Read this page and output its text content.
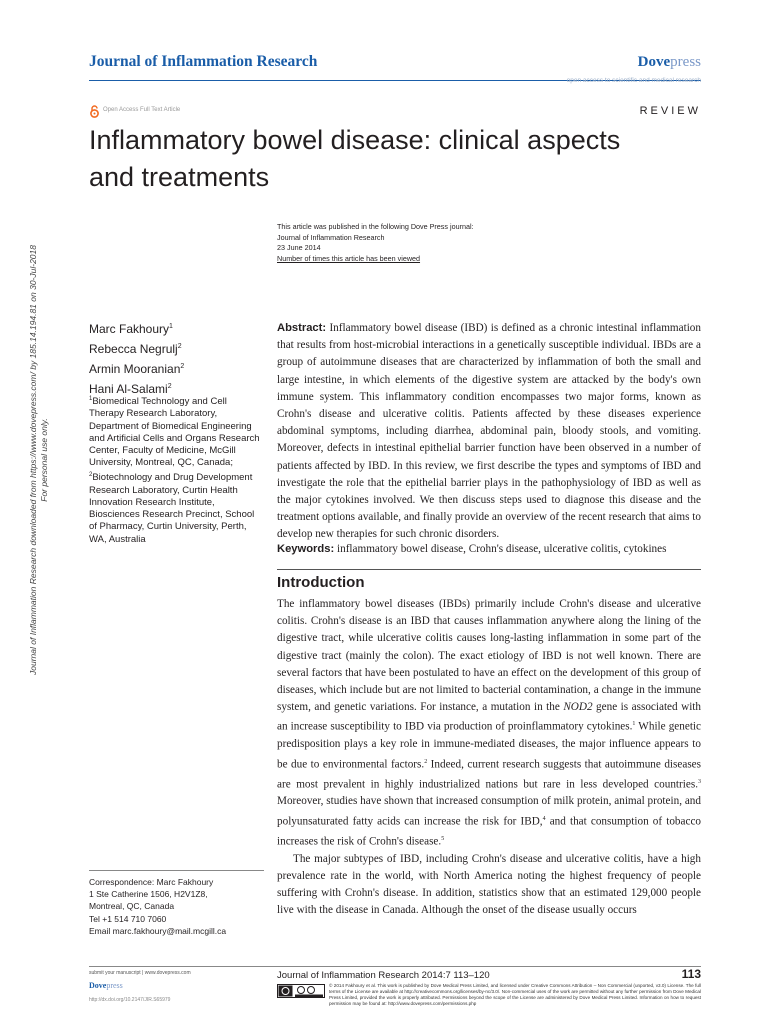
Journal of Inflammation Research	Dovepress
open access to scientific and medical research
REVIEW
Open Access Full Text Article
Inflammatory bowel disease: clinical aspects
and treatments
Journal of Inflammation Research downloaded from https://www.dovepress.com/ by 185.14.194.81 on 30-Jul-2018 For personal use only.
This article was published in the following Dove Press journal:
Journal of Inflammation Research
23 June 2014
Number of times this article has been viewed
Marc Fakhoury$^1$
Rebecca Negrulj$^2$
Armin Mooranian$^2$
Hani Al-Salami$^2$
$^1$Biomedical Technology and Cell Therapy Research Laboratory, Department of Biomedical Engineering and Artificial Cells and Organs Research Center, Faculty of Medicine, McGill University, Montreal, QC, Canada; $^2$Biotechnology and Drug Development Research Laboratory, Curtin Health Innovation Research Institute, Biosciences Research Precinct, School of Pharmacy, Curtin University, Perth, WA, Australia
Abstract: Inflammatory bowel disease (IBD) is defined as a chronic intestinal inflammation that results from host-microbial interactions in a genetically susceptible individual. IBDs are a group of autoimmune diseases that are characterized by inflammation of both the small and large intestine, in which elements of the digestive system are attacked by the body's own immune system. This inflammatory condition encompasses two major forms, known as Crohn's disease and ulcerative colitis. Patients affected by these diseases experience abdominal symptoms, including diarrhea, abdominal pain, bloody stools, and vomiting. Moreover, defects in intestinal epithelial barrier function have been observed in a number of patients affected by IBD. In this review, we first describe the types and symptoms of IBD and investigate the role that the epithelial barrier plays in the pathophysiology of IBD as well as the major cytokines involved. We then discuss steps used to diagnose this disease and the treatment options available, and finally provide an overview of the recent research that aims to develop new therapies for such chronic disorders.
Keywords: inflammatory bowel disease, Crohn's disease, ulcerative colitis, cytokines
Introduction

The inflammatory bowel diseases (IBDs) primarily include Crohn's disease and ulcerative colitis. Crohn's disease is an IBD that causes inflammation anywhere along the lining of the digestive tract, while ulcerative colitis causes long-lasting inflammation in some part of the digestive tract (mainly the colon). The exact etiology of IBD is not well known. There are several factors that have been postulated to have an effect on the development of this group of diseases, which include but are not limited to bacterial contamination, a change in the immune system, and genetic variations. For instance, a mutation in the NOD2 gene is associated with an increase susceptibility to IBD via production of proinflammatory cytokines.$^1$ While genetic predisposition plays a key role in immune-mediated diseases, the major influence appears to be due to environmental factors.$^2$ Indeed, current research suggests that autoimmune diseases are most prevalent in highly industrialized nations but rare in less developed countries.$^3$ Moreover, studies have shown that increased consumption of milk protein, animal protein, and polyunsaturated fatty acids can increase the risk for IBD,$^4$ and that consumption of tobacco increases the risk of Crohn's disease.$^5$

The major subtypes of IBD, including Crohn's disease and ulcerative colitis, have a high prevalence rate in the world, with North America noting the highest frequency of people suffering with Crohn's disease. In addition, statistics show that an estimated 129,000 people live with the disease in Canada. Although the onset of the disease usually occurs

Correspondence: Marc Fakhoury
1 Ste Catherine 1506, H2V1Z8,
Montreal, QC, Canada
Tel +1 514 710 7060
Email marc.fakhoury@mail.mcgill.ca
submit your manuscript | www.dovepress.com
Dovepress
http://dx.doi.org/10.2147/JIR.S65979
Journal of Inflammation Research 2014:7 113–120	113
© 2014 Fakhoury et al. This work is published by Dove Medical Press Limited, and licensed under Creative Commons Attribution – Non Commercial (unported, v3.0) License. The full terms of the License are available at http://creativecommons.org/licenses/by-nc/3.0/. Non-commercial uses of the work are permitted without any further permission from Dove Medical Press Limited, provided the work is properly attributed. Permissions beyond the scope of the License are administered by Dove Medical Press Limited. Information on how to request permission may be found at: http://www.dovepress.com/permissions.php
